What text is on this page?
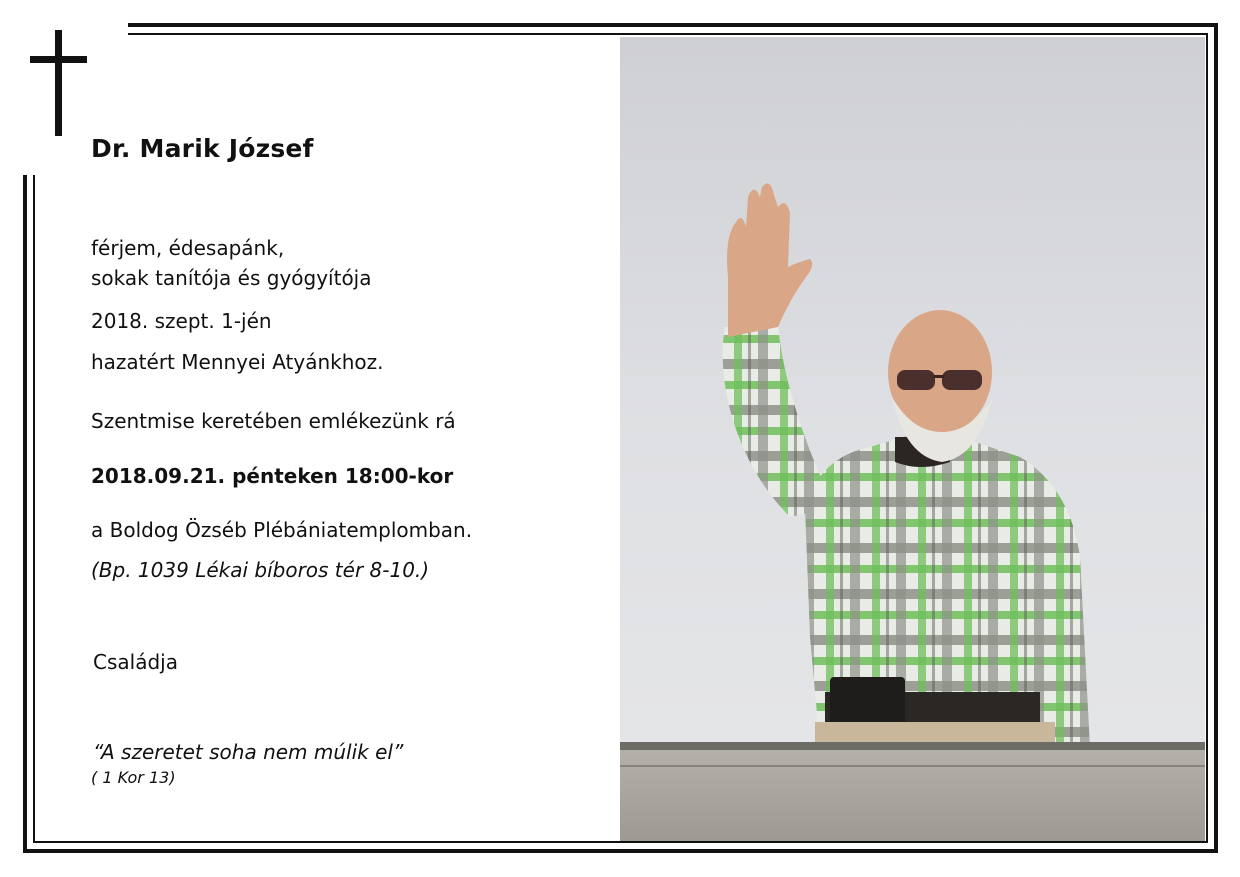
Dr. Marik József
férjem, édesapánk,
sokak tanítója és gyógyítója
2018. szept. 1-jén
hazatért Mennyei Atyánkhoz.
Szentmise keretében emlékezünk rá
2018.09.21. pénteken 18:00-kor
a Boldog Özséb Plébániatemplomban.
(Bp. 1039 Lékai bíboros tér 8-10.)
Családja
“A szeretet soha nem múlik el”
( 1 Kor 13)
